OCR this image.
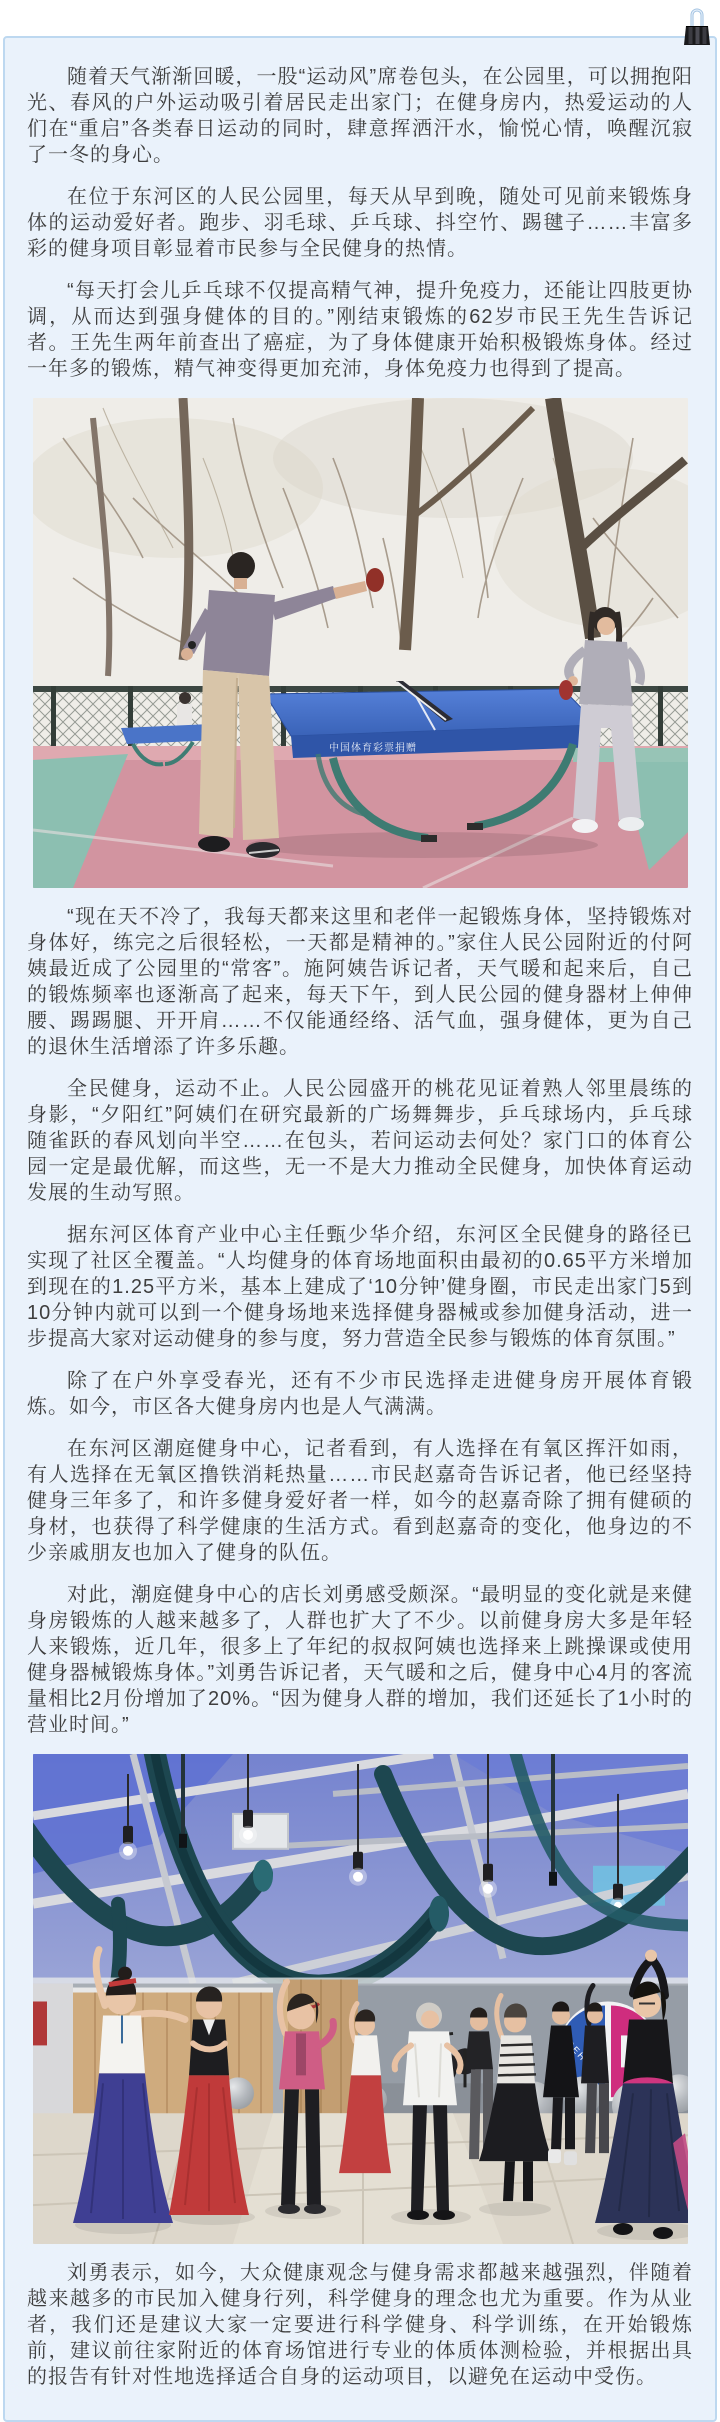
随着天气渐渐回暖，一股“运动风”席卷包头，在公园里，可以拥抱阳光、春风的户外运动吸引着居民走出家门；在健身房内，热爱运动的人们在“重启”各类春日运动的同时，肆意挥洒汗水，愉悦心情，唤醒沉寂了一冬的身心。

在位于东河区的人民公园里，每天从早到晚，随处可见前来锻炼身体的运动爱好者。跑步、羽毛球、乒乓球、抖空竹、踢毽子……丰富多彩的健身项目彰显着市民参与全民健身的热情。

“每天打会儿乒乓球不仅提高精气神，提升免疫力，还能让四肢更协调，从而达到强身健体的目的。”刚结束锻炼的62岁市民王先生告诉记者。王先生两年前查出了癌症，为了身体健康开始积极锻炼身体。经过一年多的锻炼，精气神变得更加充沛，身体免疫力也得到了提高。

中国体育彩票捐赠

“现在天不冷了，我每天都来这里和老伴一起锻炼身体，坚持锻炼对身体好，练完之后很轻松，一天都是精神的。”家住人民公园附近的付阿姨最近成了公园里的“常客”。施阿姨告诉记者，天气暖和起来后，自己的锻炼频率也逐渐高了起来，每天下午，到人民公园的健身器材上伸伸腰、踢踢腿、开开肩……不仅能通经络、活气血，强身健体，更为自己的退休生活增添了许多乐趣。

全民健身，运动不止。人民公园盛开的桃花见证着熟人邻里晨练的身影，“夕阳红”阿姨们在研究最新的广场舞舞步，乒乓球场内，乒乓球随雀跃的春风划向半空……在包头，若问运动去何处？家门口的体育公园一定是最优解，而这些，无一不是大力推动全民健身，加快体育运动发展的生动写照。

据东河区体育产业中心主任甄少华介绍，东河区全民健身的路径已实现了社区全覆盖。“人均健身的体育场地面积由最初的0.65平方米增加到现在的1.25平方米，基本上建成了‘10分钟’健身圈，市民走出家门5到10分钟内就可以到一个健身场地来选择健身器械或参加健身活动，进一步提高大家对运动健身的参与度，努力营造全民参与锻炼的体育氛围。”

除了在户外享受春光，还有不少市民选择走进健身房开展体育锻炼。如今，市区各大健身房内也是人气满满。

在东河区潮庭健身中心，记者看到，有人选择在有氧区挥汗如雨，有人选择在无氧区撸铁消耗热量……市民赵嘉奇告诉记者，他已经坚持健身三年多了，和许多健身爱好者一样，如今的赵嘉奇除了拥有健硕的身材，也获得了科学健康的生活方式。看到赵嘉奇的变化，他身边的不少亲戚朋友也加入了健身的队伍。

对此，潮庭健身中心的店长刘勇感受颇深。“最明显的变化就是来健身房锻炼的人越来越多了，人群也扩大了不少。以前健身房大多是年轻人来锻炼，近几年，很多上了年纪的叔叔阿姨也选择来上跳操课或使用健身器械锻炼身体。”刘勇告诉记者，天气暖和之后，健身中心4月的客流量相比2月份增加了20%。“因为健身人群的增加，我们还延长了1小时的营业时间。”

刘勇表示，如今，大众健康观念与健身需求都越来越强烈，伴随着越来越多的市民加入健身行列，科学健身的理念也尤为重要。作为从业者，我们还是建议大家一定要进行科学健身、科学训练，在开始锻炼前，建议前往家附近的体育场馆进行专业的体质体测检验，并根据出具的报告有针对性地选择适合自身的运动项目，以避免在运动中受伤。
